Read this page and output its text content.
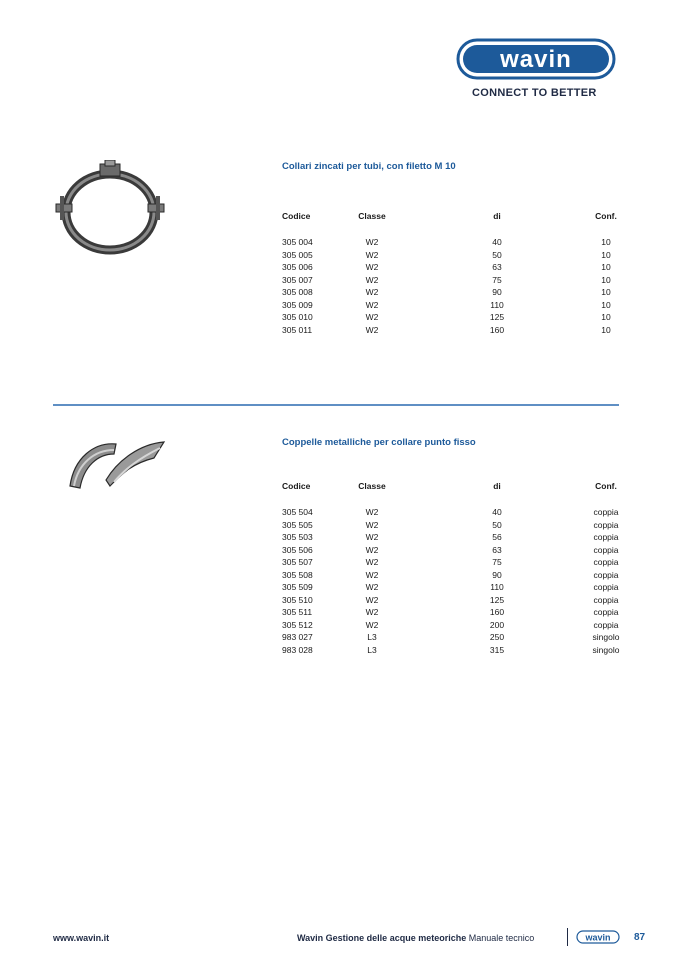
wavin
CONNECT TO BETTER
Collari zincati per tubi, con filetto M 10
Codice	Classe	di	Conf.
305 004	W2	40	10
305 005	W2	50	10
305 006	W2	63	10
305 007	W2	75	10
305 008	W2	90	10
305 009	W2	110	10
305 010	W2	125	10
305 011	W2	160	10
Coppelle metalliche per collare punto fisso
Codice	Classe	di	Conf.
305 504	W2	40	coppia
305 505	W2	50	coppia
305 503	W2	56	coppia
305 506	W2	63	coppia
305 507	W2	75	coppia
305 508	W2	90	coppia
305 509	W2	110	coppia
305 510	W2	125	coppia
305 511	W2	160	coppia
305 512	W2	200	coppia
983 027	L3	250	singolo
983 028	L3	315	singolo
www.wavin.it	Wavin Gestione delle acque meteoriche Manuale tecnico	wavin 87
